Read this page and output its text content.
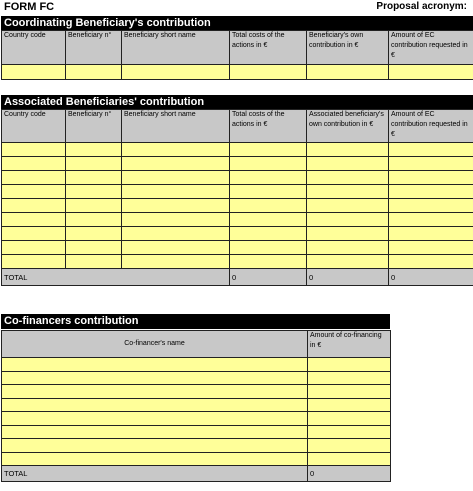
FORM FC	Proposal acronym:
Coordinating Beneficiary's contribution
Country code	Beneficiary n°	Beneficiary short name	Total costs of the actions in €	Beneficiary's own contribution in €	Amount of EC contribution requested in €

Associated Beneficiaries' contribution
Country code	Beneficiary n°	Beneficiary short name	Total costs of the actions in €	Associated beneficiary's own contribution in €	Amount of EC contribution requested in €

TOTAL			0	0	0
Co-financers contribution
Co-financer's name	Amount of co-financing in €

TOTAL	0
